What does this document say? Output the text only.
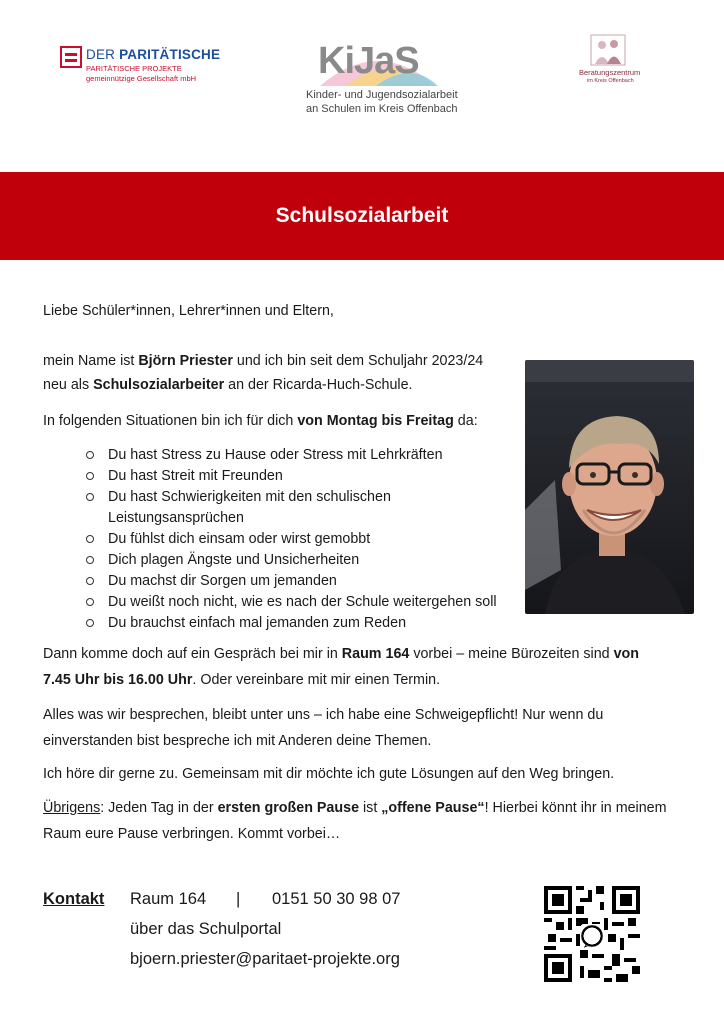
DER PARITÄTISCHE
PARITÄTISCHE PROJEKTE
gemeinnützige Gesellschaft mbH	KiJaS
Kinder- und Jugendsozialarbeit
an Schulen im Kreis Offenbach
Beratungszentrum
im Kreis Offenbach
Schulsozialarbeit
Liebe Schüler*innen, Lehrer*innen und Eltern,
mein Name ist Björn Priester und ich bin seit dem Schuljahr 2023/24
neu als Schulsozialarbeiter an der Ricarda-Huch-Schule.
In folgenden Situationen bin ich für dich von Montag bis Freitag da:
Du hast Stress zu Hause oder Stress mit Lehrkräften
Du hast Streit mit Freunden
Du hast Schwierigkeiten mit den schulischen
Leistungsansprüchen
Du fühlst dich einsam oder wirst gemobbt
Dich plagen Ängste und Unsicherheiten
Du machst dir Sorgen um jemanden
Du weißt noch nicht, wie es nach der Schule weitergehen soll
Du brauchst einfach mal jemanden zum Reden
Dann komme doch auf ein Gespräch bei mir in Raum 164 vorbei – meine Bürozeiten sind von
7.45 Uhr bis 16.00 Uhr. Oder vereinbare mit mir einen Termin.
Alles was wir besprechen, bleibt unter uns – ich habe eine Schweigepflicht! Nur wenn du
einverstanden bist bespreche ich mit Anderen deine Themen.
Ich höre dir gerne zu. Gemeinsam mit dir möchte ich gute Lösungen auf den Weg bringen.
Übrigens: Jeden Tag in der ersten großen Pause ist „offene Pause“! Hierbei könnt ihr in meinem
Raum eure Pause verbringen. Kommt vorbei…
Kontakt Raum 164 | 0151 50 30 98 07
über das Schulportal
bjoern.priester@paritaet-projekte.org
